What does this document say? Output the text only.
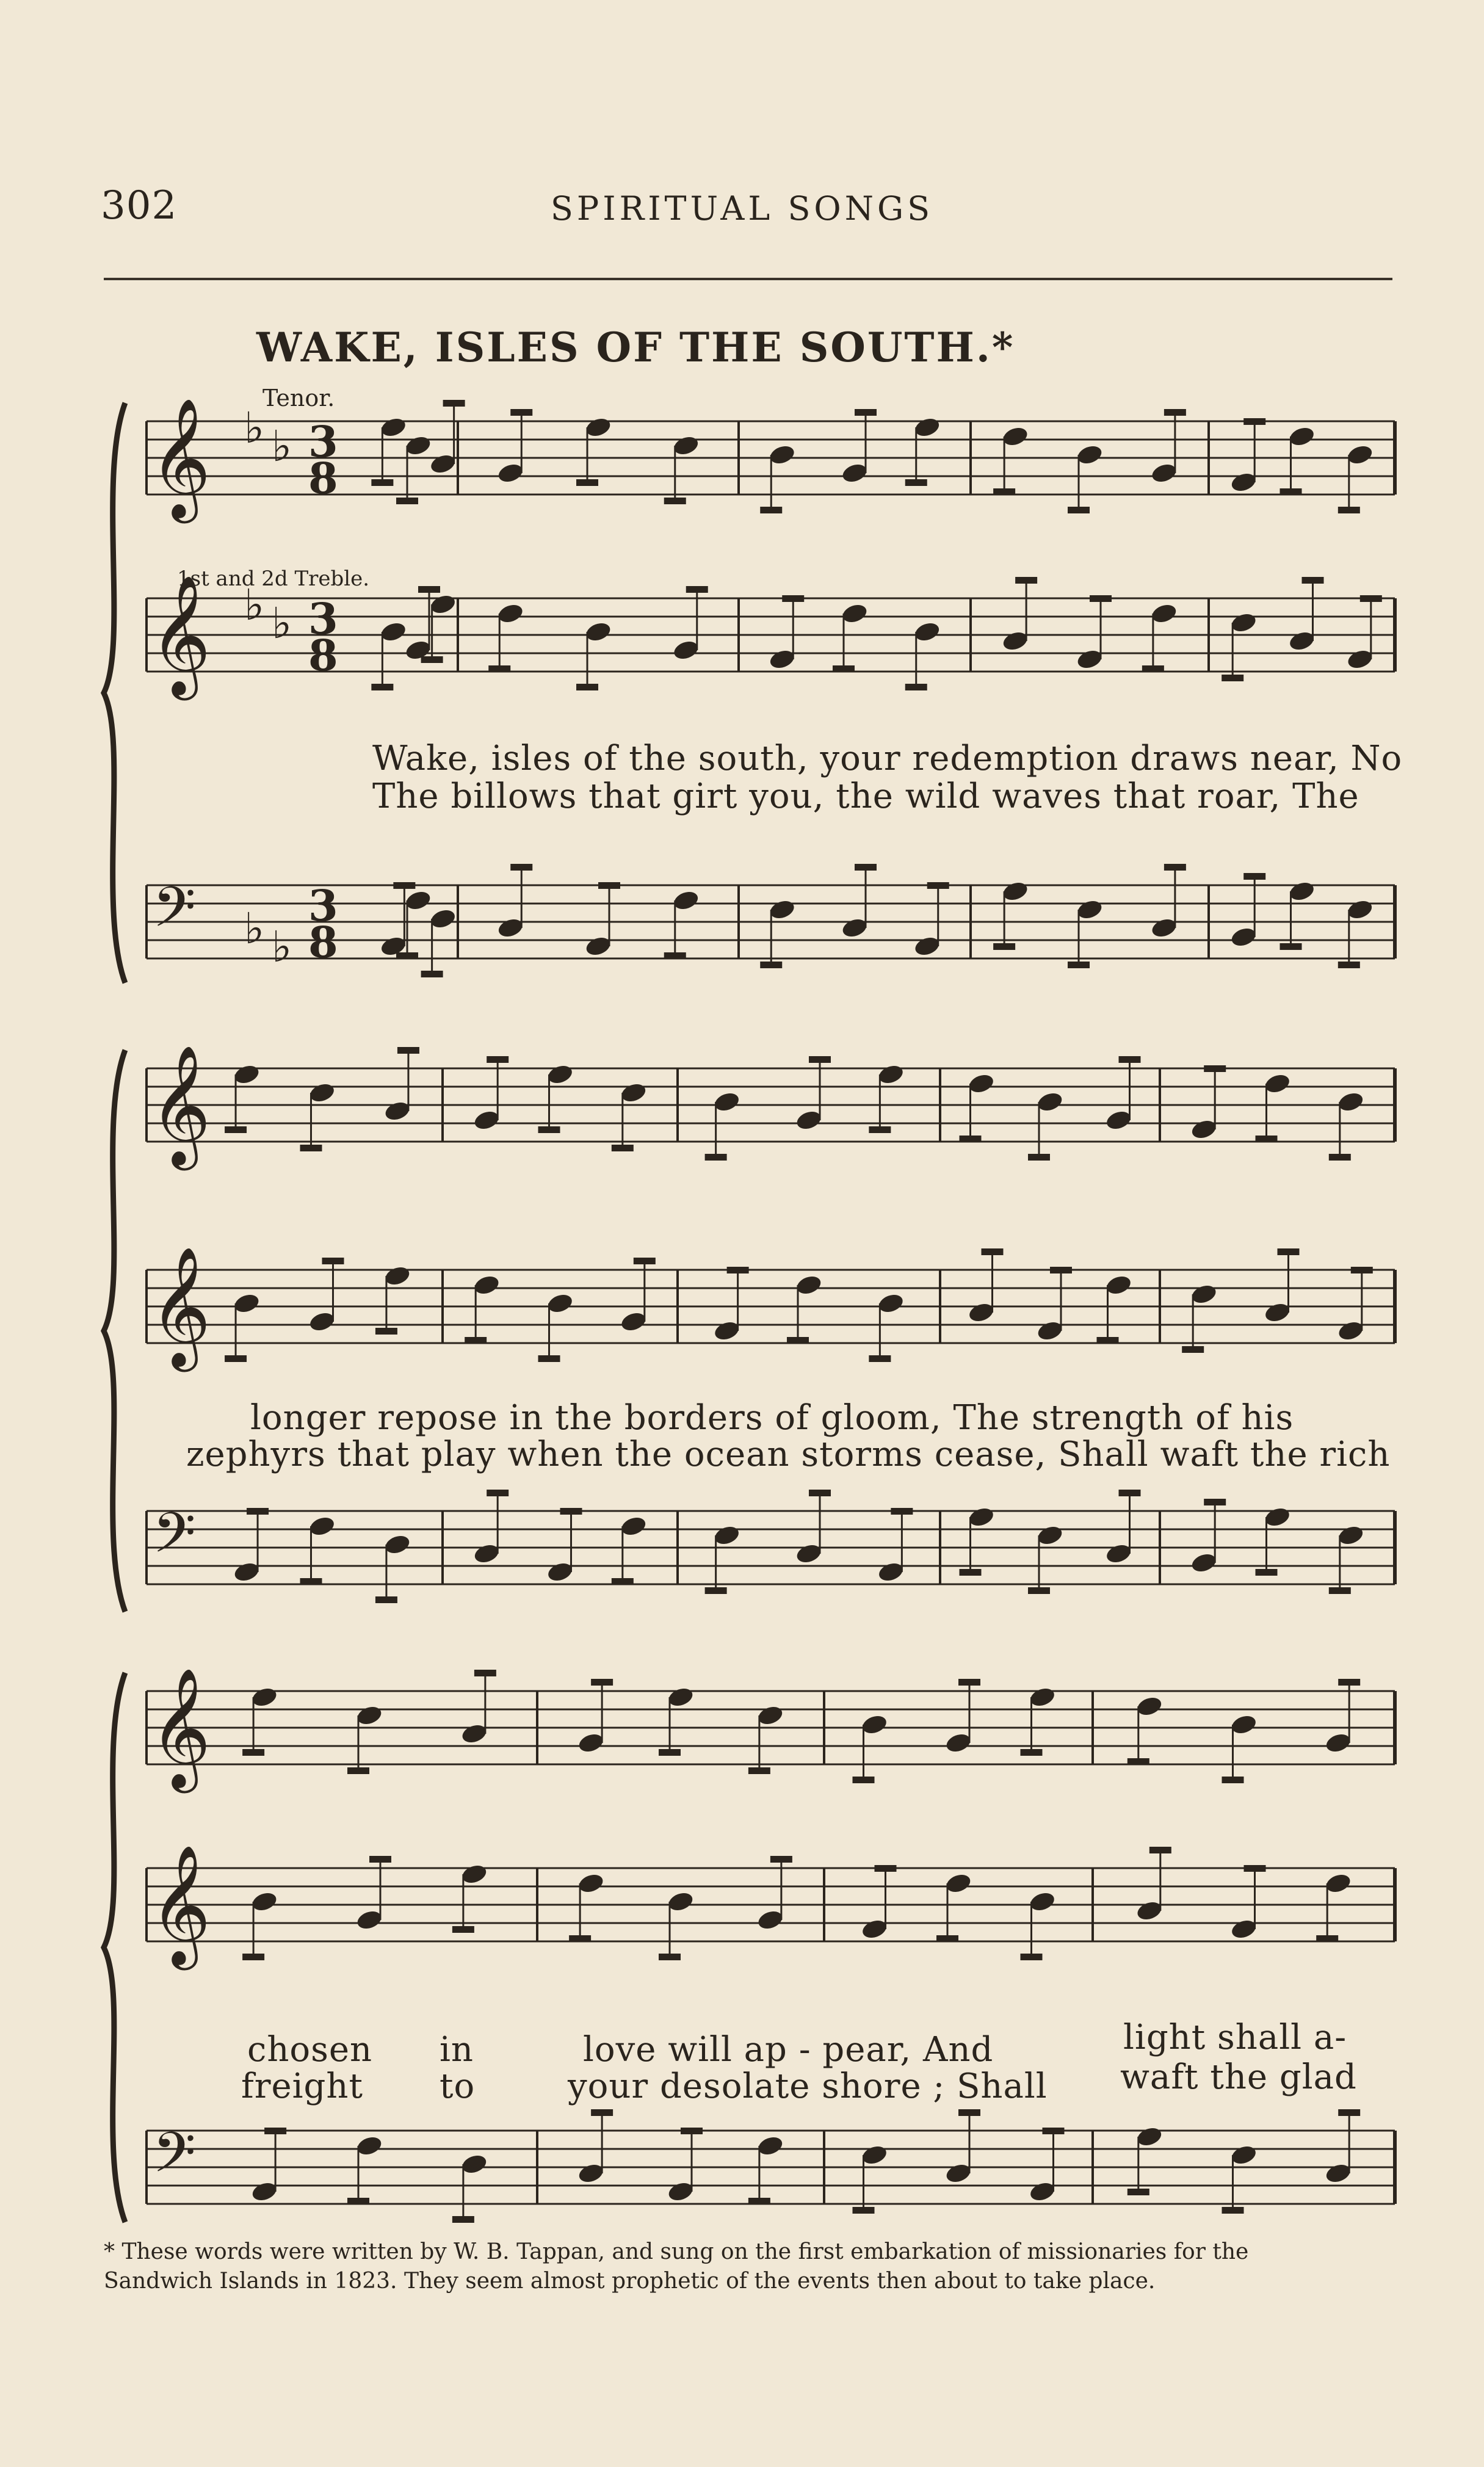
302	SPIRITUAL SONGS
WAKE, ISLES OF THE SOUTH.*
Tenor.
1st and 2d Treble.
𝄞 ♭ ♭ 3
8
𝄞 ♭ ♭ 3
8
𝄢 ♭ ♭
3
8
Wake, isles of the south, your redemption draws near, No
The billows that girt you, the wild waves that roar, The
𝄞
𝄞
𝄢
longer repose in the borders of gloom, The strength of his
zephyrs that play when the ocean storms cease, Shall waft the rich
𝄞
𝄞
𝄢
chosen in	love will ap - pear, And	light shall a-
freight to	your desolate shore ; Shall waft the glad
* These words were written by W. B. Tappan, and sung on the first embarkation of missionaries for the
Sandwich Islands in 1823. They seem almost prophetic of the events then about to take place.
